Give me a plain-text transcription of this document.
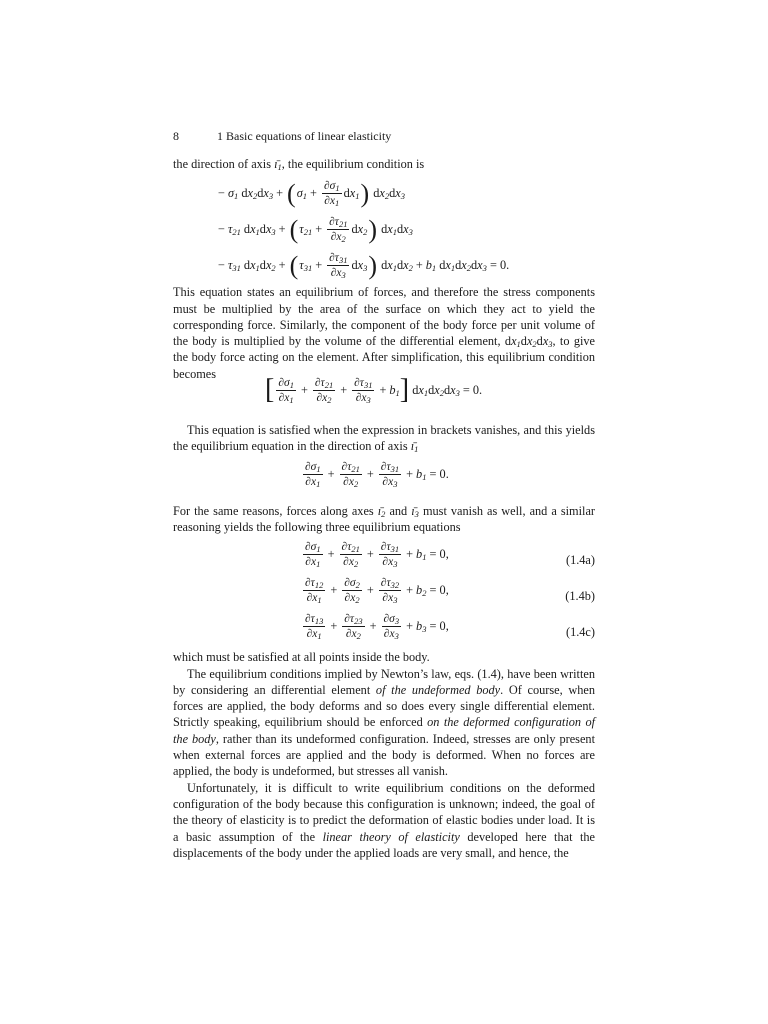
8	1 Basic equations of linear elasticity

the direction of axis $ı̄_1$, the equilibrium condition is

− $\sigma_1$
d $x_2$ d $x_3$ + ( $\sigma_1 + \frac{\partial\sigma_1}{\partial x_1}$ d $x_1$ )
d $x_2$ d $x_3$
− $\tau_{21}$
d $x_1$ d $x_3$ + ( $\tau_{21} + \frac{\partial\tau_{21}}{\partial x_2}$ d $x_2$ )
d $x_1$ d $x_3$
− $\tau_{31}$
d $x_1$ d $x_2$ + ( $\tau_{31} + \frac{\partial\tau_{31}}{\partial x_3}$ d $x_3$ )
d $x_1$ d $x_2 + b_1$
d $x_1$ d $x_2$ d $x_3$
= 0.

This equation states an equilibrium of forces, and therefore the stress components must be multiplied by the area of the surface on which they act to yield the corresponding force. Similarly, the component of the body force per unit volume of the body is multiplied by the volume of the differential element, $dx_1dx_2dx_3$, to give the body force acting on the element. After simplification, this equilibrium condition becomes

[ $\frac{\partial\sigma_1}{\partial x_1} + \frac{\partial\tau_{21}}{\partial x_2} + \frac{\partial\tau_{31}}{\partial x_3} + b_1$ ]
d $x_1$ d $x_2$ d $x_3$
= 0.

This equation is satisfied when the expression in brackets vanishes, and this yields the equilibrium equation in the direction of axis $ı̄_1$

$\frac{\partial\sigma_1}{\partial x_1} + \frac{\partial\tau_{21}}{\partial x_2} + \frac{\partial\tau_{31}}{\partial x_3} + b_1$
= 0.

For the same reasons, forces along axes $ı̄_2$ and $ı̄_3$ must vanish as well, and a similar reasoning yields the following three equilibrium equations

$\frac{\partial\sigma_1}{\partial x_1} + \frac{\partial\tau_{21}}{\partial x_2} + \frac{\partial\tau_{31}}{\partial x_3} + b_1$
= 0,	(1.4a)
$\frac{\partial\tau_{12}}{\partial x_1} + \frac{\partial\sigma_2}{\partial x_2} + \frac{\partial\tau_{32}}{\partial x_3} + b_2$
= 0,	(1.4b)
$\frac{\partial\tau_{13}}{\partial x_1} + \frac{\partial\tau_{23}}{\partial x_2} + \frac{\partial\sigma_3}{\partial x_3} + b_3$
= 0,	(1.4c)

which must be satisfied at all points inside the body.

The equilibrium conditions implied by Newton’s law, eqs. (1.4), have been written by considering an differential element of the undeformed body. Of course, when forces are applied, the body deforms and so does every single differential element. Strictly speaking, equilibrium should be enforced on the deformed configuration of the body, rather than its undeformed configuration. Indeed, stresses are only present when external forces are applied and the body is deformed. When no forces are applied, the body is undeformed, but stresses all vanish.

Unfortunately, it is difficult to write equilibrium conditions on the deformed configuration of the body because this configuration is unknown; indeed, the goal of the theory of elasticity is to predict the deformation of elastic bodies under load. It is a basic assumption of the linear theory of elasticity developed here that the displacements of the body under the applied loads are very small, and hence, the
